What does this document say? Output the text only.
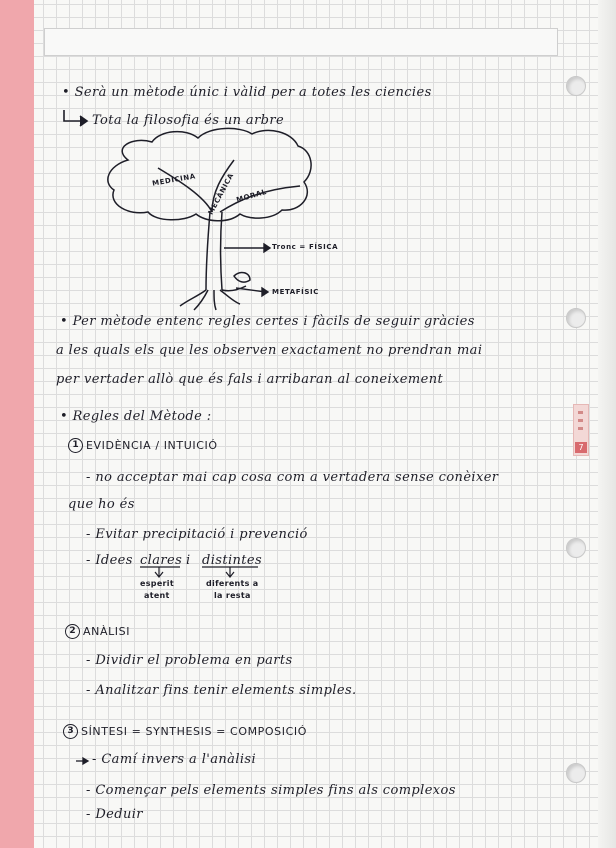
7
MEDICINA MECÀNICA MORAL
Tronc = FÍSICA
METAFÍSIC
• Serà un mètode únic i vàlid per a totes les ciencies
Tota la filosofia és un arbre
• Per mètode entenc regles certes i fàcils de seguir gràcies
a les quals els que les observen exactament no prendran mai
per vertader allò que és fals i arribaran al coneixement
• Regles del Mètode :
1 EVIDÈNCIA / INTUICIÓ
- no acceptar mai cap cosa com a vertadera sense conèixer
que ho és
- Evitar precipitació i prevenció
- Idees clares i distintes
esperit
atent
diferents a
la resta
2 ANÀLISI
- Dividir el problema en parts
- Analitzar fins tenir elements simples.
3 SÍNTESI = SYNTHESIS = COMPOSICIÓ
- Camí invers a l'anàlisi
- Començar pels elements simples fins als complexos
- Deduir
